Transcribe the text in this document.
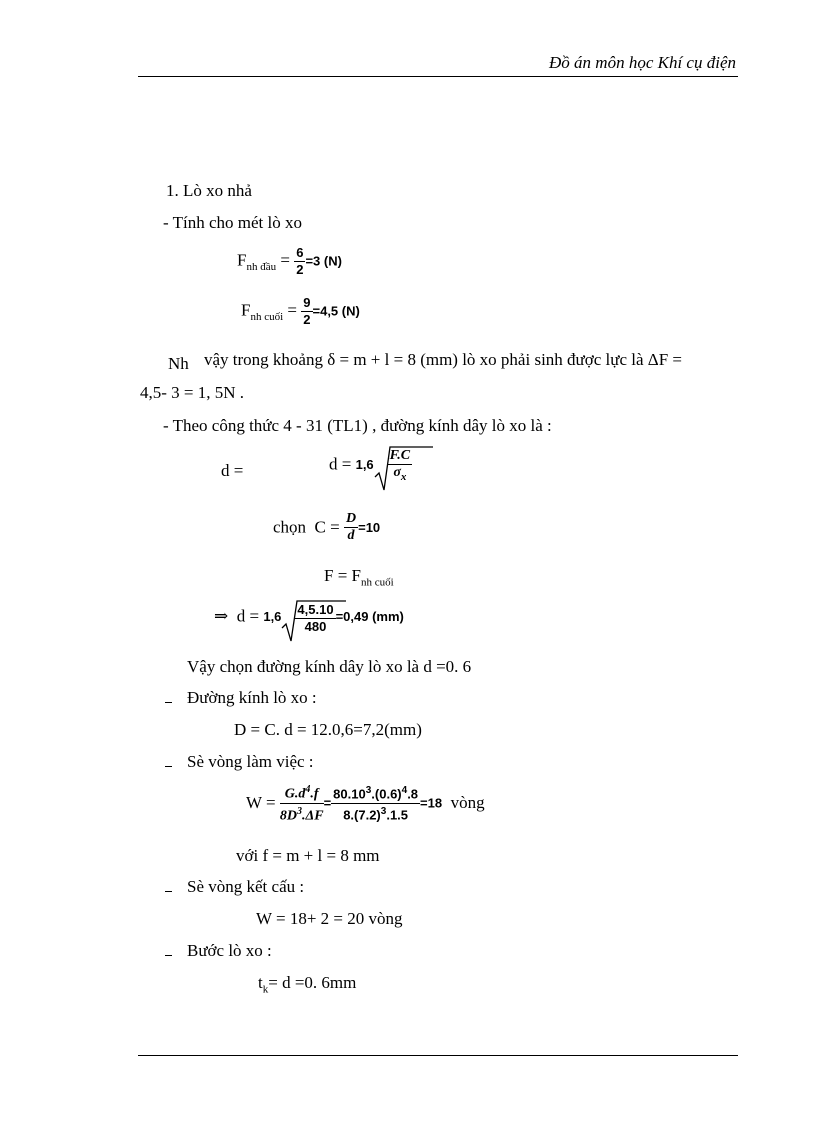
Đồ án môn học Khí cụ điện
1. Lò xo nhả
- Tính cho mét lò xo
$F_{nh đầu} = \frac{6}{2} =3$ (N)
$F_{nh cuối} = \frac{9}{2} =4,5$ (N)
Nh vậy trong khoảng δ = m + l = 8 (mm) lò xo phải sinh được lực là ΔF =
4,5- 3 = 1, 5N .
- Theo công thức 4 - 31 (TL1) , đường kính dây lò xo là :
d =	$d = 1,6 \frac{F.C}{\sigma_x}$
chọn $C = \frac{D}{d} =10$
$F = F_{nh cuối}$
⇒ $d = 1,6 \frac{4,5.10}{480} =0,49$ (mm)
Vậy chọn đường kính dây lò xo là d =0. 6
Đường kính lò xo :
D = C. d = 12.0,6=7,2(mm)
Sè vòng làm việc :
$W = \frac{G.d^4.f}{8D^3.\Delta F} = \frac{80.10^3.(0.6)^4.8}{8.(7.2)^3.1.5} =18$ vòng
với f = m + l = 8 mm
Sè vòng kết cấu :
W = 18+ 2 = 20 vòng
Bước lò xo :
$t_k= d =0$. 6mm
